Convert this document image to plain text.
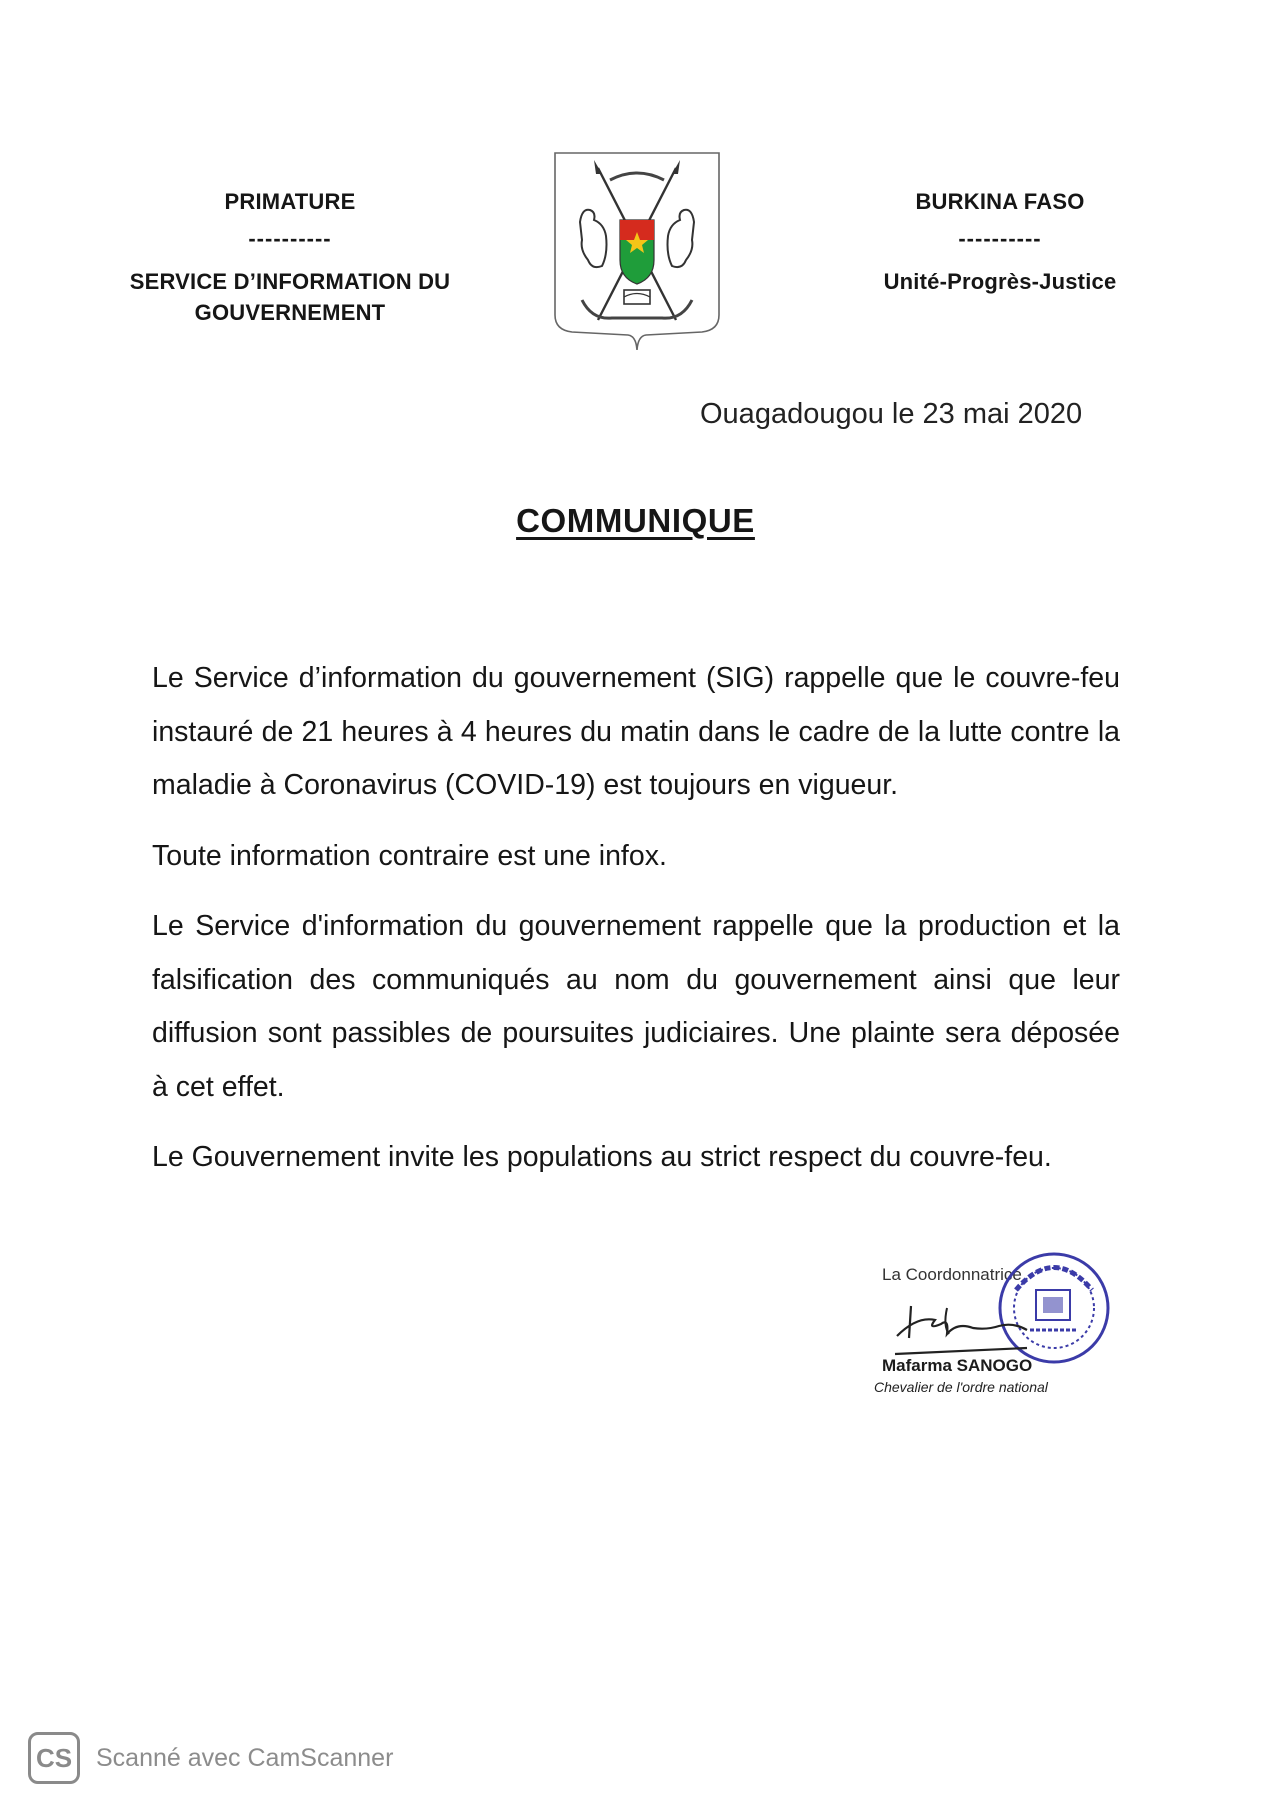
PRIMATURE
----------
SERVICE D’INFORMATION DU
GOUVERNEMENT
BURKINA FASO
----------
Unité-Progrès-Justice
Ouagadougou le 23 mai 2020
COMMUNIQUE

Le Service d’information du gouvernement (SIG) rappelle que le couvre-feu instauré de 21 heures à 4 heures du matin dans le cadre de la lutte contre la maladie à Coronavirus (COVID-19) est toujours en vigueur.

Toute information contraire est une infox.

Le Service d'information du gouvernement rappelle que la production et la falsification des communiqués au nom du gouvernement ainsi que leur diffusion sont passibles de poursuites judiciaires. Une plainte sera déposée à cet effet.

Le Gouvernement invite les populations au strict respect du couvre-feu.

La Coordonnatrice
Mafarma SANOGO
Chevalier de l'ordre national
CS Scanné avec CamScanner
